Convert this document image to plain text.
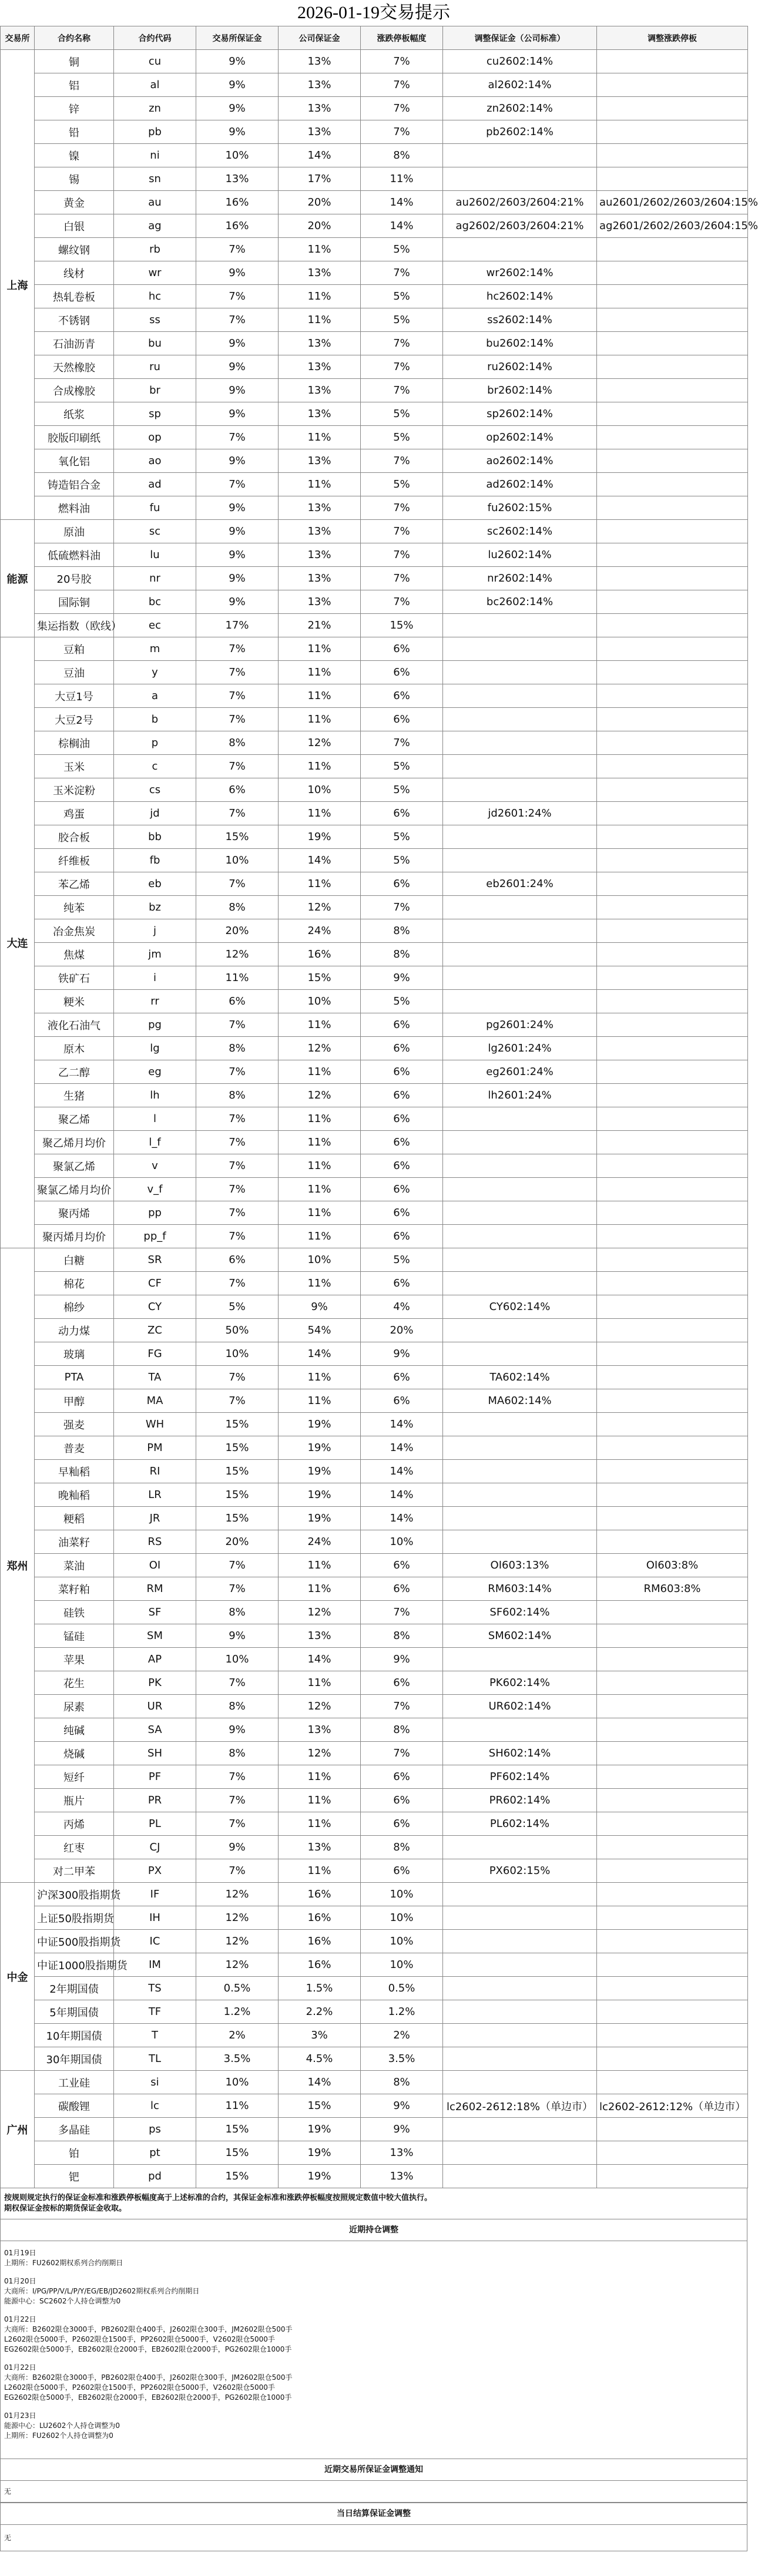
2026-01-19交易提示
交易所	合约名称	合约代码	交易所保证金	公司保证金	涨跌停板幅度	调整保证金（公司标准）	调整涨跌停板
上海	铜	cu	9%	13%	7%	cu2602:14%	
	铝	al	9%	13%	7%	al2602:14%	
	锌	zn	9%	13%	7%	zn2602:14%	
	铅	pb	9%	13%	7%	pb2602:14%	
	镍	ni	10%	14%	8%		
	锡	sn	13%	17%	11%		
	黄金	au	16%	20%	14%	au2602/2603/2604:21%	au2601/2602/2603/2604:15%
	白银	ag	16%	20%	14%	ag2602/2603/2604:21%	ag2601/2602/2603/2604:15%
	螺纹钢	rb	7%	11%	5%		
	线材	wr	9%	13%	7%	wr2602:14%	
	热轧卷板	hc	7%	11%	5%	hc2602:14%	
	不锈钢	ss	7%	11%	5%	ss2602:14%	
	石油沥青	bu	9%	13%	7%	bu2602:14%	
	天然橡胶	ru	9%	13%	7%	ru2602:14%	
	合成橡胶	br	9%	13%	7%	br2602:14%	
	纸浆	sp	9%	13%	5%	sp2602:14%	
	胶版印刷纸	op	7%	11%	5%	op2602:14%	
	氧化铝	ao	9%	13%	7%	ao2602:14%	
	铸造铝合金	ad	7%	11%	5%	ad2602:14%	
	燃料油	fu	9%	13%	7%	fu2602:15%	
能源	原油	sc	9%	13%	7%	sc2602:14%	
	低硫燃料油	lu	9%	13%	7%	lu2602:14%	
	20号胶	nr	9%	13%	7%	nr2602:14%	
	国际铜	bc	9%	13%	7%	bc2602:14%	
	集运指数（欧线）	ec	17%	21%	15%		
大连	豆粕	m	7%	11%	6%		
	豆油	y	7%	11%	6%		
	大豆1号	a	7%	11%	6%		
	大豆2号	b	7%	11%	6%		
	棕榈油	p	8%	12%	7%		
	玉米	c	7%	11%	5%		
	玉米淀粉	cs	6%	10%	5%		
	鸡蛋	jd	7%	11%	6%	jd2601:24%	
	胶合板	bb	15%	19%	5%		
	纤维板	fb	10%	14%	5%		
	苯乙烯	eb	7%	11%	6%	eb2601:24%	
	纯苯	bz	8%	12%	7%		
	冶金焦炭	j	20%	24%	8%		
	焦煤	jm	12%	16%	8%		
	铁矿石	i	11%	15%	9%		
	粳米	rr	6%	10%	5%		
	液化石油气	pg	7%	11%	6%	pg2601:24%	
	原木	lg	8%	12%	6%	lg2601:24%	
	乙二醇	eg	7%	11%	6%	eg2601:24%	
	生猪	lh	8%	12%	6%	lh2601:24%	
	聚乙烯	l	7%	11%	6%		
	聚乙烯月均价	l_f	7%	11%	6%		
	聚氯乙烯	v	7%	11%	6%		
	聚氯乙烯月均价	v_f	7%	11%	6%		
	聚丙烯	pp	7%	11%	6%		
	聚丙烯月均价	pp_f	7%	11%	6%		
郑州	白糖	SR	6%	10%	5%		
	棉花	CF	7%	11%	6%		
	棉纱	CY	5%	9%	4%	CY602:14%	
	动力煤	ZC	50%	54%	20%		
	玻璃	FG	10%	14%	9%		
	PTA	TA	7%	11%	6%	TA602:14%	
	甲醇	MA	7%	11%	6%	MA602:14%	
	强麦	WH	15%	19%	14%		
	普麦	PM	15%	19%	14%		
	早籼稻	RI	15%	19%	14%		
	晚籼稻	LR	15%	19%	14%		
	粳稻	JR	15%	19%	14%		
	油菜籽	RS	20%	24%	10%		
	菜油	OI	7%	11%	6%	OI603:13%	OI603:8%
	菜籽粕	RM	7%	11%	6%	RM603:14%	RM603:8%
	硅铁	SF	8%	12%	7%	SF602:14%	
	锰硅	SM	9%	13%	8%	SM602:14%	
	苹果	AP	10%	14%	9%		
	花生	PK	7%	11%	6%	PK602:14%	
	尿素	UR	8%	12%	7%	UR602:14%	
	纯碱	SA	9%	13%	8%		
	烧碱	SH	8%	12%	7%	SH602:14%	
	短纤	PF	7%	11%	6%	PF602:14%	
	瓶片	PR	7%	11%	6%	PR602:14%	
	丙烯	PL	7%	11%	6%	PL602:14%	
	红枣	CJ	9%	13%	8%		
	对二甲苯	PX	7%	11%	6%	PX602:15%	
中金	沪深300股指期货	IF	12%	16%	10%		
	上证50股指期货	IH	12%	16%	10%		
	中证500股指期货	IC	12%	16%	10%		
	中证1000股指期货	IM	12%	16%	10%		
	2年期国债	TS	0.5%	1.5%	0.5%		
	5年期国债	TF	1.2%	2.2%	1.2%		
	10年期国债	T	2%	3%	2%		
	30年期国债	TL	3.5%	4.5%	3.5%		
广州	工业硅	si	10%	14%	8%		
	碳酸锂	lc	11%	15%	9%	lc2602-2612:18%（单边市）	lc2602-2612:12%（单边市）
	多晶硅	ps	15%	19%	9%		
	铂	pt	15%	19%	13%		
	钯	pd	15%	19%	13%		
按规则规定执行的保证金标准和涨跌停板幅度高于上述标准的合约，其保证金标准和涨跌停板幅度按照规定数值中较大值执行。
期权保证金按标的期货保证金收取。
近期持仓调整
01月19日
上期所：FU2602期权系列合约削期日
01月20日
大商所：I/PG/PP/V/L/P/Y/EG/EB/JD2602期权系列合约削期日
能源中心：SC2602个人持仓调整为0
01月22日
大商所：B2602限仓3000手，PB2602限仓400手，J2602限仓300手，JM2602限仓500手
L2602限仓5000手，P2602限仓1500手，PP2602限仓5000手，V2602限仓5000手
EG2602限仓5000手，EB2602限仓2000手，EB2602限仓2000手，PG2602限仓1000手
01月22日
大商所：B2602限仓3000手，PB2602限仓400手，J2602限仓300手，JM2602限仓500手
L2602限仓5000手，P2602限仓1500手，PP2602限仓5000手，V2602限仓5000手
EG2602限仓5000手，EB2602限仓2000手，EB2602限仓2000手，PG2602限仓1000手
01月23日
能源中心：LU2602个人持仓调整为0
上期所：FU2602个人持仓调整为0
近期交易所保证金调整通知
无
当日结算保证金调整
无
